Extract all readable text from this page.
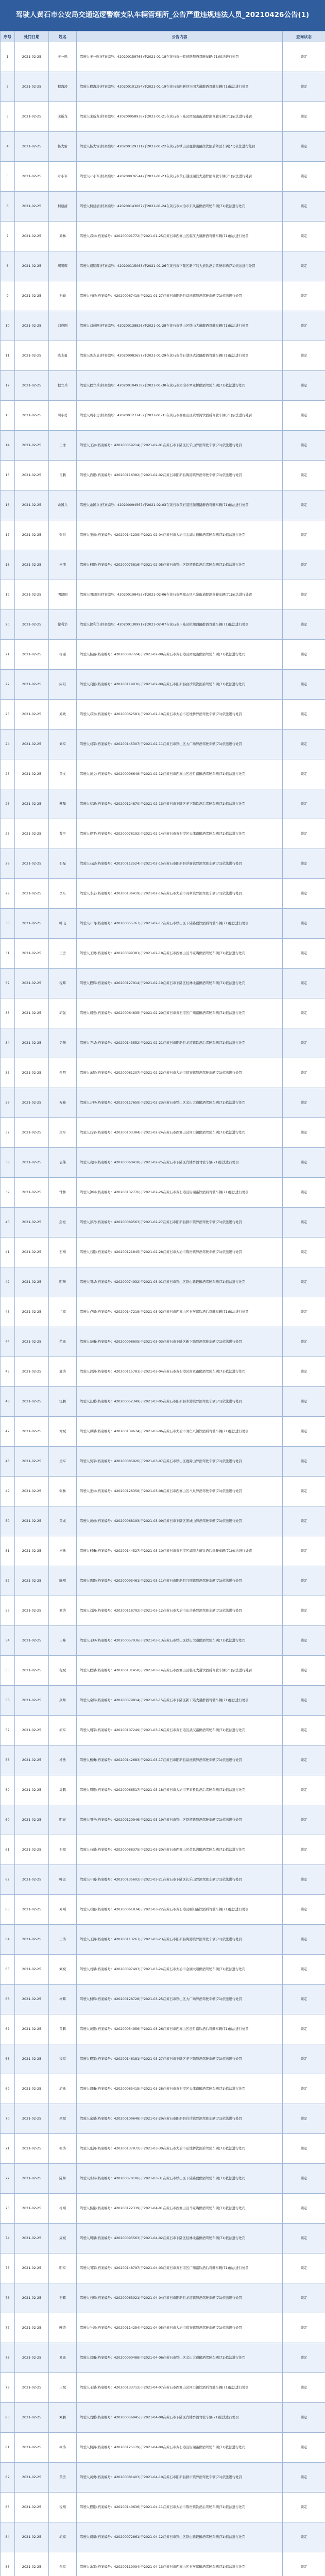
驾驶人黄石市公安局交通巡逻警察支队车辆管理所_公告严重违规违法人员_20210426公告(1)
序号	处罚日期	姓名	公告内容	查询状态
1	2021-02-25	王一鸣	驾驶人王一鸣(档案编号：420200159765)于2021-01-18在黄石市一般道路醉酒驾驶车辆(71)依法进行处罚	锁定
2	2021-02-25	程海涛	驾驶人程海涛(档案编号：420200101254)于2021-01-19在黄石市阳新县兴国大道醉酒驾驶车辆(71)依法进行处罚	锁定
3	2021-02-25	宋新龙	驾驶人宋新龙(档案编号：420200058936)于2021-01-21在黄石市下陆区团城山街道醉酒驾驶车辆(71)依法进行处罚	锁定
4	2021-02-25	杨大雷	驾驶人杨大雷(档案编号：420200129311)于2021-01-22在黄石市铁山区鹿獐山路段饮酒后驾驶车辆(71)依法进行处罚	锁定
5	2021-02-25	叶小军	驾驶人叶小军(档案编号：420200076544)于2021-01-23在黄石市黄石港区湖滨大道醉酒驾驶车辆(71)依法进行处罚	锁定
6	2021-02-25	柯建清	驾驶人柯建清(档案编号：420200143087)于2021-01-24在黄石市大冶市东风路醉酒驾驶车辆(71)依法进行处罚	锁定
7	2021-02-25	邓林	驾驶人邓林(档案编号：420200091772)于2021-01-25在黄石市西塞山区临江大道醉酒驾驶车辆(71)依法进行处罚	锁定
8	2021-02-25	胡明辉	驾驶人胡明辉(档案编号：420200115063)于2021-01-26在黄石市下陆区新下陆大道饮酒后驾驶车辆(71)依法进行处罚	锁定
9	2021-02-25	石峰	驾驶人石峰(档案编号：420200067419)于2021-01-27在黄石市阳新县富池镇醉酒驾驶车辆(71)依法进行处罚	锁定
10	2021-02-25	刘成刚	驾驶人刘成刚(档案编号：420200138826)于2021-01-28在黄石市铁山区铁山大道醉酒驾驶车辆(71)依法进行处罚	锁定
11	2021-02-25	陈志勇	驾驶人陈志勇(档案编号：420200082657)于2021-01-29在黄石市黄石港区武汉路醉酒驾驶车辆(71)依法进行处罚	锁定
12	2021-02-25	程立兵	驾驶人程立兵(档案编号：420200104938)于2021-01-30在黄石市大冶市罗家桥醉酒驾驶车辆(71)依法进行处罚	锁定
13	2021-02-25	周小勇	驾驶人周小勇(档案编号：420200127745)于2021-01-31在黄石市西塞山区黄思湾饮酒后驾驶车辆(71)依法进行处罚	锁定
14	2021-02-25	王冰	驾驶人王冰(档案编号：420200059214)于2021-02-01在黄石市下陆区长乐山醉酒驾驶车辆(71)依法进行处罚	锁定
15	2021-02-25	肖鹏	驾驶人肖鹏(档案编号：420200116382)于2021-02-02在黄石市阳新县陶港镇醉酒驾驶车辆(71)依法进行处罚	锁定
16	2021-02-25	余国兵	驾驶人余国兵(档案编号：420200094567)于2021-02-03在黄石市黄石港区颐阳路醉酒驾驶车辆(71)依法进行处罚	锁定
17	2021-02-25	张东	驾驶人张东(档案编号：420200141239)于2021-02-04在黄石市大冶市金湖大道醉酒驾驶车辆(71)依法进行处罚	锁定
18	2021-02-25	柯朋	驾驶人柯朋(档案编号：420200073816)于2021-02-05在黄石市铁山区铁贺路饮酒后驾驶车辆(71)依法进行处罚	锁定
19	2021-02-25	明建国	驾驶人明建国(档案编号：420200108453)于2021-02-06在黄石市西塞山区八泉街道醉酒驾驶车辆(71)依法进行处罚	锁定
20	2021-02-25	徐利华	驾驶人徐利华(档案编号：420200130991)于2021-02-07在黄石市下陆区杭州西路醉酒驾驶车辆(71)依法进行处罚	锁定
21	2021-02-25	杨丽	驾驶人杨丽(档案编号：420200087724)于2021-02-08在黄石市黄石港区团城山醉酒驾驶车辆(71)依法进行处罚	锁定
22	2021-02-25	向阳	驾驶人向阳(档案编号：420200119036)于2021-02-09在黄石市阳新县白沙镇饮酒后驾驶车辆(71)依法进行处罚	锁定
23	2021-02-25	邓欢	驾驶人邓欢(档案编号：420200062581)于2021-02-10在黄石市大冶市还地桥醉酒驾驶车辆(71)依法进行处罚	锁定
24	2021-02-25	刘军	驾驶人刘军(档案编号：420200145307)于2021-02-11在黄石市铁山区大广场醉酒驾驶车辆(71)依法进行处罚	锁定
25	2021-02-25	黄文	驾驶人黄文(档案编号：420200096648)于2021-02-12在黄石市西塞山区澄月路醉酒驾驶车辆(71)依法进行处罚	锁定
26	2021-02-25	蔡磊	驾驶人蔡磊(档案编号：420200124870)于2021-02-13在黄石市下陆区老下陆饮酒后驾驶车辆(71)依法进行处罚	锁定
27	2021-02-25	曹平	驾驶人曹平(档案编号：420200078192)于2021-02-14在黄石市黄石港区天津路醉酒驾驶车辆(71)依法进行处罚	锁定
28	2021-02-25	石磊	驾驶人石磊(档案编号：420200112524)于2021-02-15在黄石市阳新县浮屠镇醉酒驾驶车辆(71)依法进行处罚	锁定
29	2021-02-25	李东	驾驶人李东(档案编号：420200136419)于2021-02-16在黄石市大冶市灵乡镇醉酒驾驶车辆(71)依法进行处罚	锁定
30	2021-02-25	叶飞	驾驶人叶飞(档案编号：420200055763)于2021-02-17在黄石市铁山区下陆路段饮酒后驾驶车辆(71)依法进行处罚	锁定
31	2021-02-25	王勇	驾驶人王勇(档案编号：420200099381)于2021-02-18在黄石市西塞山区马家嘴醉酒驾驶车辆(71)依法进行处罚	锁定
32	2021-02-25	程辉	驾驶人程辉(档案编号：420200127914)于2021-02-19在黄石市下陆区桂林北路醉酒驾驶车辆(71)依法进行处罚	锁定
33	2021-02-25	胡强	驾驶人胡强(档案编号：420200064835)于2021-02-20在黄石市黄石港区广州路醉酒驾驶车辆(71)依法进行处罚	锁定
34	2021-02-25	尹华	驾驶人尹华(档案编号：420200143552)于2021-02-21在黄石市阳新县龙港镇饮酒后驾驶车辆(71)依法进行处罚	锁定
35	2021-02-25	余明	驾驶人余明(档案编号：420200081207)于2021-02-22在黄石市大冶市保安镇醉酒驾驶车辆(71)依法进行处罚	锁定
36	2021-02-25	万峰	驾驶人万峰(档案编号：420200117659)于2021-02-23在黄石市铁山区金山大道醉酒驾驶车辆(71)依法进行处罚	锁定
37	2021-02-25	冯军	驾驶人冯军(档案编号：420200103384)于2021-02-24在黄石市西塞山区河口镇醉酒驾驶车辆(71)依法进行处罚	锁定
38	2021-02-25	袁伟	驾驶人袁伟(档案编号：420200060418)于2021-02-25在黄石市下陆区肖铺醉酒驾驶车辆(71)依法进行处罚	锁定
39	2021-02-25	钟林	驾驶人钟林(档案编号：420200132776)于2021-02-26在黄石市黄石港区沿湖路饮酒后驾驶车辆(71)依法进行处罚	锁定
40	2021-02-25	彭亮	驾驶人彭亮(档案编号：420200089563)于2021-02-27在黄石市阳新县排市镇醉酒驾驶车辆(71)依法进行处罚	锁定
41	2021-02-25	石刚	驾驶人石刚(档案编号：420200121845)于2021-02-28在黄石市大冶市陈贵镇醉酒驾驶车辆(71)依法进行处罚	锁定
42	2021-02-25	明华	驾驶人明华(档案编号：420200074932)于2021-03-01在黄石市铁山区铁山路段醉酒驾驶车辆(71)依法进行处罚	锁定
43	2021-02-25	卢斌	驾驶人卢斌(档案编号：420200147218)于2021-03-02在黄石市西塞山区石灰窑饮酒后驾驶车辆(71)依法进行处罚	锁定
44	2021-02-25	范勇	驾驶人范勇(档案编号：420200098605)于2021-03-03在黄石市下陆区新下陆醉酒驾驶车辆(71)依法进行处罚	锁定
45	2021-02-25	郭涛	驾驶人郭涛(档案编号：420200115781)于2021-03-04在黄石市黄石港区南京路醉酒驾驶车辆(71)依法进行处罚	锁定
46	2021-02-25	汪鹏	驾驶人汪鹏(档案编号：420200052349)于2021-03-05在黄石市阳新县木港镇醉酒驾驶车辆(71)依法进行处罚	锁定
47	2021-02-25	谭斌	驾驶人谭斌(档案编号：420200139674)于2021-03-06在黄石市大冶市刘仁八镇饮酒后驾驶车辆(71)依法进行处罚	锁定
48	2021-02-25	吴军	驾驶人吴军(档案编号：420200085926)于2021-03-07在黄石市铁山区鹿獐山醉酒驾驶车辆(71)依法进行处罚	锁定
49	2021-02-25	张林	驾驶人张林(档案编号：420200126358)于2021-03-08在黄石市西塞山区八泉醉酒驾驶车辆(71)依法进行处罚	锁定
50	2021-02-25	黄成	驾驶人黄成(档案编号：420200068193)于2021-03-09在黄石市下陆区团城山醉酒驾驶车辆(71)依法进行处罚	锁定
51	2021-02-25	柯勇	驾驶人柯勇(档案编号：420200144527)于2021-03-10在黄石市黄石港区湖滨大道饮酒后驾驶车辆(71)依法进行处罚	锁定
52	2021-02-25	陈刚	驾驶人陈刚(档案编号：420200093461)于2021-03-11在黄石市阳新县兴国镇醉酒驾驶车辆(71)依法进行处罚	锁定
53	2021-02-25	刘涛	驾驶人刘涛(档案编号：420200118792)于2021-03-12在黄石市大冶市东岳路醉酒驾驶车辆(71)依法进行处罚	锁定
54	2021-02-25	王峰	驾驶人王峰(档案编号：420200057036)于2021-03-13在黄石市铁山区铁山大道醉酒驾驶车辆(71)依法进行处罚	锁定
55	2021-02-25	程斌	驾驶人程斌(档案编号：420200131458)于2021-03-14在黄石市西塞山区临江大道饮酒后驾驶车辆(71)依法进行处罚	锁定
56	2021-02-25	余辉	驾驶人余辉(档案编号：420200079814)于2021-03-15在黄石市下陆区新下陆大道醉酒驾驶车辆(71)依法进行处罚	锁定
57	2021-02-25	胡军	驾驶人胡军(档案编号：420200107249)于2021-03-16在黄石市黄石港区武汉路醉酒驾驶车辆(71)依法进行处罚	锁定
58	2021-02-25	杨勇	驾驶人杨勇(档案编号：420200142683)于2021-03-17在黄石市阳新县富池镇醉酒驾驶车辆(71)依法进行处罚	锁定
59	2021-02-25	周鹏	驾驶人周鹏(档案编号：420200066517)于2021-03-18在黄石市大冶市罗家桥饮酒后驾驶车辆(71)依法进行处罚	锁定
60	2021-02-25	明亮	驾驶人明亮(档案编号：420200120946)于2021-03-19在黄石市铁山区铁贺路醉酒驾驶车辆(71)依法进行处罚	锁定
61	2021-02-25	石斌	驾驶人石斌(档案编号：420200088375)于2021-03-20在黄石市西塞山区黄思湾醉酒驾驶车辆(71)依法进行处罚	锁定
62	2021-02-25	叶勇	驾驶人叶勇(档案编号：420200135602)于2021-03-21在黄石市下陆区长乐山醉酒驾驶车辆(71)依法进行处罚	锁定
63	2021-02-25	邓刚	驾驶人邓刚(档案编号：420200061834)于2021-03-22在黄石市黄石港区颐阳路饮酒后驾驶车辆(71)依法进行处罚	锁定
64	2021-02-25	王涛	驾驶人王涛(档案编号：420200113267)于2021-03-23在黄石市阳新县陶港镇醉酒驾驶车辆(71)依法进行处罚	锁定
65	2021-02-25	刘斌	驾驶人刘斌(档案编号：420200097493)于2021-03-24在黄石市大冶市金湖大道醉酒驾驶车辆(71)依法进行处罚	锁定
66	2021-02-25	柯辉	驾驶人柯辉(档案编号：420200128728)于2021-03-25在黄石市铁山区大广场醉酒驾驶车辆(71)依法进行处罚	锁定
67	2021-02-25	黄鹏	驾驶人黄鹏(档案编号：420200054956)于2021-03-26在黄石市西塞山区澄月路饮酒后驾驶车辆(71)依法进行处罚	锁定
68	2021-02-25	程军	驾驶人程军(档案编号：420200146181)于2021-03-27在黄石市下陆区老下陆醉酒驾驶车辆(71)依法进行处罚	锁定
69	2021-02-25	胡勇	驾驶人胡勇(档案编号：420200083415)于2021-03-28在黄石市黄石港区天津路醉酒驾驶车辆(71)依法进行处罚	锁定
70	2021-02-25	余斌	驾驶人余斌(档案编号：420200109648)于2021-03-29在黄石市阳新县白沙镇醉酒驾驶车辆(71)依法进行处罚	锁定
71	2021-02-25	张涛	驾驶人张涛(档案编号：420200137872)于2021-03-30在黄石市大冶市还地桥饮酒后驾驶车辆(71)依法进行处罚	锁定
72	2021-02-25	陈辉	驾驶人陈辉(档案编号：420200070106)于2021-03-31在黄石市铁山区下陆路段醉酒驾驶车辆(71)依法进行处罚	锁定
73	2021-02-25	杨刚	驾驶人杨刚(档案编号：420200122339)于2021-04-01在黄石市西塞山区马家嘴醉酒驾驶车辆(71)依法进行处罚	锁定
74	2021-02-25	周斌	驾驶人周斌(档案编号：420200095563)于2021-04-02在黄石市下陆区桂林北路醉酒驾驶车辆(71)依法进行处罚	锁定
75	2021-02-25	明军	驾驶人明军(档案编号：420200148797)于2021-04-03在黄石市黄石港区广州路饮酒后驾驶车辆(71)依法进行处罚	锁定
76	2021-02-25	石辉	驾驶人石辉(档案编号：420200063021)于2021-04-04在黄石市阳新县龙港镇醉酒驾驶车辆(71)依法进行处罚	锁定
77	2021-02-25	叶涛	驾驶人叶涛(档案编号：420200114254)于2021-04-05在黄石市大冶市保安镇醉酒驾驶车辆(71)依法进行处罚	锁定
78	2021-02-25	邓勇	驾驶人邓勇(档案编号：420200090488)于2021-04-06在黄石市铁山区金山大道醉酒驾驶车辆(71)依法进行处罚	锁定
79	2021-02-25	王斌	驾驶人王斌(档案编号：420200133712)于2021-04-07在黄石市西塞山区河口镇饮酒后驾驶车辆(71)依法进行处罚	锁定
80	2021-02-25	刘鹏	驾驶人刘鹏(档案编号：420200056945)于2021-04-08在黄石市下陆区肖铺醉酒驾驶车辆(71)依法进行处罚	锁定
81	2021-02-25	柯涛	驾驶人柯涛(档案编号：420200125179)于2021-04-09在黄石市黄石港区沿湖路醉酒驾驶车辆(71)依法进行处罚	锁定
82	2021-02-25	黄勇	驾驶人黄勇(档案编号：420200081403)于2021-04-10在黄石市阳新县排市镇醉酒驾驶车辆(71)依法进行处罚	锁定
83	2021-02-25	程刚	驾驶人程刚(档案编号：420200140636)于2021-04-11在黄石市大冶市陈贵镇饮酒后驾驶车辆(71)依法进行处罚	锁定
84	2021-02-25	胡斌	驾驶人胡斌(档案编号：420200072861)于2021-04-12在黄石市铁山区铁山路段醉酒驾驶车辆(71)依法进行处罚	锁定
85	2021-02-25	余军	驾驶人余军(档案编号：420200119094)于2021-04-13在黄石市西塞山区石灰窑醉酒驾驶车辆(71)依法进行处罚	锁定
